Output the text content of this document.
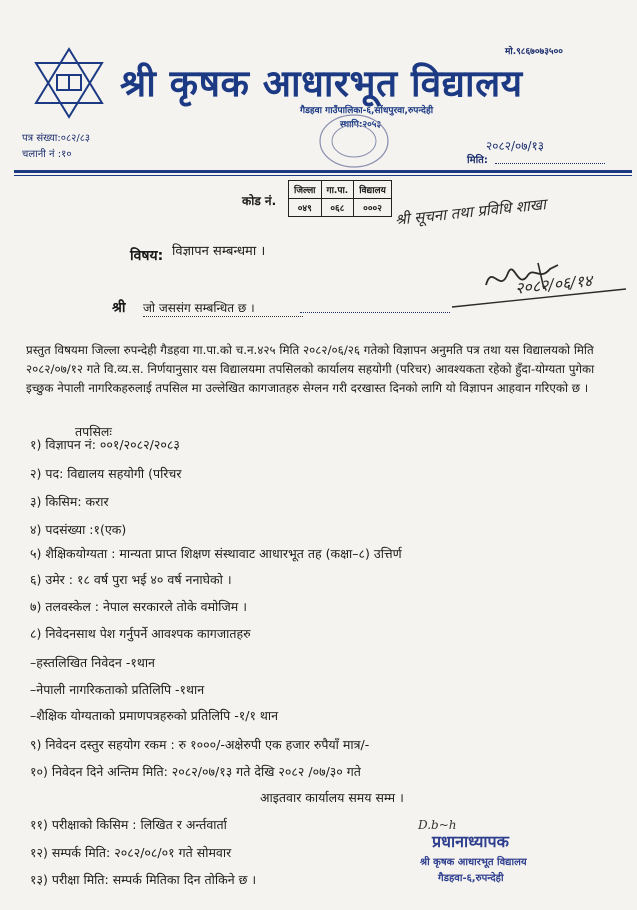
मो.९८६७०७३५००
श्री कृषक आधारभूत विद्यालय
गैडहवा गाउँपालिका-६,सोंधपुरवा,रुपन्देही
स्थापि:२०५३
पत्र संख्या:०८२/८३
चलानी नं :१०
२०८२/०७/१३
मिति:
कोड नं.
जिल्ला	गा.पा.	विद्यालय
०४९	०६८	०००२ श्री सूचना तथा प्रविधि शाखा
२०८२/०६/१४
विषय: विज्ञापन सम्बन्धमा ।
श्री जो जससंग सम्बन्धित छ ।
प्रस्तुत विषयमा जिल्ला रुपन्देही गैडहवा गा.पा.को च.न.४२५ मिति २०८२/०६/२६ गतेको विज्ञापन अनुमति पत्र तथा यस विद्यालयको मिति २०८२/०७/१२ गते वि.व्य.स. निर्णयानुसार यस विद्यालयमा तपसिलको कार्यालय सहयोगी (परिचर) आवश्यकता रहेको हुँदा-योग्यता पुगेका इच्छुक नेपाली नागरिकहरुलाई तपसिल मा उल्लेखित कागजातहरु सेग्लन गरी दरखास्त दिनको लागि यो विज्ञापन आहवान गरिएको छ ।
तपसिलः
१) विज्ञापन नं: ००१/२०८२/२०८३
२) पद: विद्यालय सहयोगी (परिचर
३) किसिम: करार
४) पदसंख्या :१(एक)
५) शैक्षिकयोग्यता : मान्यता प्राप्त शिक्षण संस्थावाट आधारभूत तह (कक्षा–८) उत्तिर्ण
६) उमेर : १८ वर्ष पुरा भई ४० वर्ष ननाघेको ।
७) तलवस्केल : नेपाल सरकारले तोके वमोजिम ।
८) निवेदनसाथ पेश गर्नुपर्ने आवश्पक कागजातहरु
–हस्तलिखित निवेदन -१थान
–नेपाली नागरिकताको प्रतिलिपि -१थान
–शैक्षिक योग्यताको प्रमाणपत्रहरुको प्रतिलिपि -१/१ थान
९) निवेदन दस्तुर सहयोग रकम : रु १०००/-अक्षेरुपी एक हजार रुपैयाँ मात्र/-
१०) निवेदन दिने अन्तिम मिति: २०८२/०७/१३ गते देखि २०८२ /०७/३० गते
आइतवार कार्यालय समय सम्म ।
११) परीक्षाको किसिम : लिखित र अर्न्तवार्ता
१२) सम्पर्क मिति: २०८२/०८/०१ गते सोमवार
१३) परीक्षा मिति: सम्पर्क मितिका दिन तोकिने छ ।
D.b~h
प्रधानाध्यापक
श्री कृषक आधारभूत विद्यालय
गैडहवा-६,रुपन्देही
